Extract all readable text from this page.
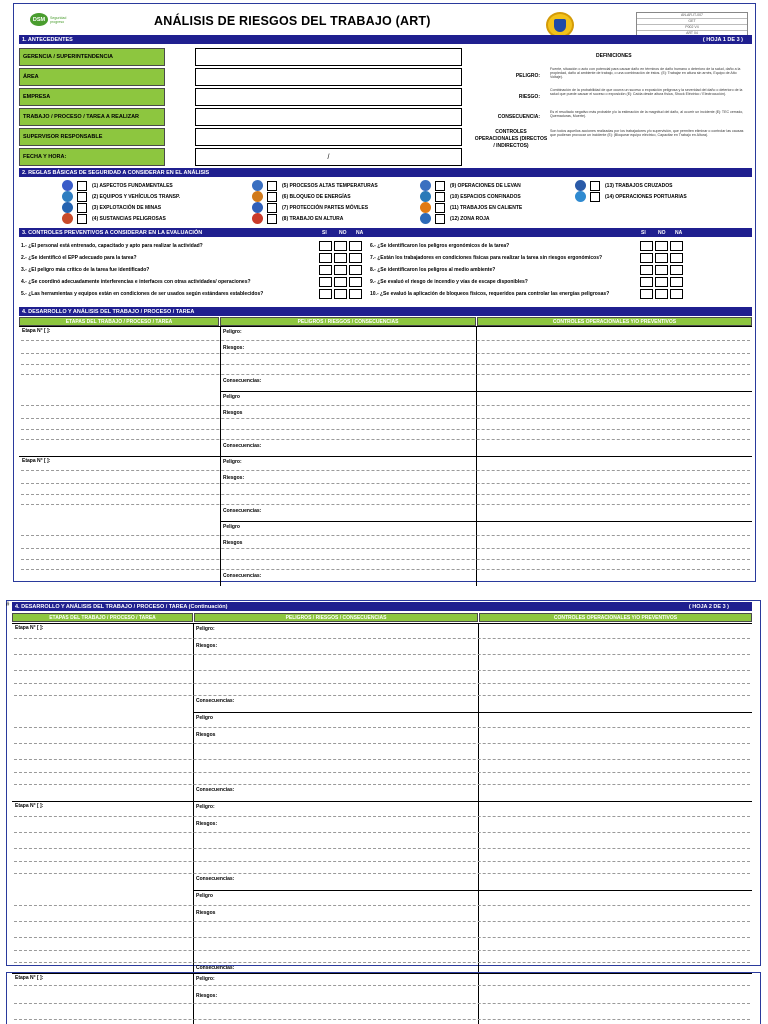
DSM	Seguridad progreso	ANÁLISIS DE RIESGOS DEL TRABAJO (ART)	AN-AR-IT-007
GET
P002 V4
ART 04
1. ANTECEDENTES	( HOJA 1 DE 3 )
GERENCIA / SUPERINTENDENCIA
ÁREA
EMPRESA
TRABAJO / PROCESO / TAREA A REALIZAR
SUPERVISOR RESPONSABLE
FECHA Y HORA:	/
DEFINICIONES
PELIGRO:
Fuente, situación o acto con potencial para causar daño en términos de daño humano o deterioro de la salud, daño a la propiedad, daño al ambiente de trabajo, o una combinación de éstos. (Ej: Trabajar en altura sin arnés, Equipo de Alto Voltaje).
RIESGO:
Combinación de la probabilidad de que ocurra un suceso o exposición peligrosa y la severidad del daño o deterioro de la salud que puede causar el suceso o exposición (Ej: Caída desde altura física, Shock Eléctrico / Electrocución).
CONSECUENCIA:
Es el resultado negativo más probable y/o la estimación de la magnitud del daño, al ocurrir un incidente (Ej: TEC cerrado, Quemaduras, Muerte).
CONTROLES OPERACIONALES (DIRECTOS / INDIRECTOS)
Son todos aquellos acciones realizadas por los trabajadores y/o supervisión, que permiten eliminar o controlar las causas que pudieran provocar un incidente (Ej: (Bloquear equipo eléctrico, Capacitar en Trabajo en Altura).
2. REGLAS BÁSICAS DE SEGURIDAD A CONSIDERAR EN EL ANÁLISIS
(1) ASPECTOS FUNDAMENTALES
(2) EQUIPOS Y VEHÍCULOS TRANSP.
(3) EXPLOTACIÓN DE MINAS
(4) SUSTANCIAS PELIGROSAS
(5) PROCESOS ALTAS TEMPERATURAS
(6) BLOQUEO DE ENERGÍAS
(7) PROTECCIÓN PARTES MÓVILES
(8) TRABAJO EN ALTURA
(9) OPERACIONES DE LEVAN
(10) ESPACIOS CONFINADOS
(11) TRABAJOS EN CALIENTE
(12) ZONA ROJA
(13) TRABAJOS CRUZADOS
(14) OPERACIONES PORTUARIAS
3. CONTROLES PREVENTIVOS A CONSIDERAR EN LA EVALUACIÓN	SI NO NA	SI NO NA
1.- ¿El personal está entrenado, capacitado y apto para realizar la actividad?
2.- ¿Se identificó el EPP adecuado para la tarea?
3.- ¿El peligro más crítico de la tarea fue identificado?
4.- ¿Se coordinó adecuadamente interferencias e interfaces con otras actividades/ operaciones?
5.- ¿Las herramientas y equipos están en condiciones de ser usados según estándares establecidos?
6.- ¿Se identificaron los peligros ergonómicos de la tarea?
7.- ¿Están los trabajadores en condiciones físicas para realizar la tarea sin riesgos ergonómicos?
8.- ¿Se identificaron los peligros al medio ambiente?
9.- ¿Se evaluó el riesgo de incendio y vías de escape disponibles?
10.- ¿Se evaluó la aplicación de bloqueos físicos, requeridos para controlar las energías peligrosas?
4. DESARROLLO Y ANÁLISIS DEL TRABAJO / PROCESO / TAREA
ETAPAS DEL TRABAJO / PROCESO / TAREA	PELIGROS / RIESGOS / CONSECUENCIAS	CONTROLES OPERACIONALES Y/O PREVENTIVOS
Etapa N° [ ]:	Peligro:
Riesgos:
Consecuencias:
Peligro
Riesgos
Consecuencias:
Etapa N° [ ]:	Peligro:
Riesgos:
Consecuencias:
Peligro
Riesgos
Consecuencias:
# 4. DESARROLLO Y ANÁLISIS DEL TRABAJO / PROCESO / TAREA (Continuación)	( HOJA 2 DE 3 )
ETAPAS DEL TRABAJO / PROCESO / TAREA	PELIGROS / RIESGOS / CONSECUENCIAS	CONTROLES OPERACIONALES Y/O PREVENTIVOS
Etapa N° [ ]:	Peligro:
Riesgos:
Consecuencias:
Peligro
Riesgos
Consecuencias:
Etapa N° [ ]:	Peligro:
Riesgos:
Consecuencias:
Peligro
Riesgos
Consecuencias:
Etapa N° [ ]:	Peligro:
Riesgos:
